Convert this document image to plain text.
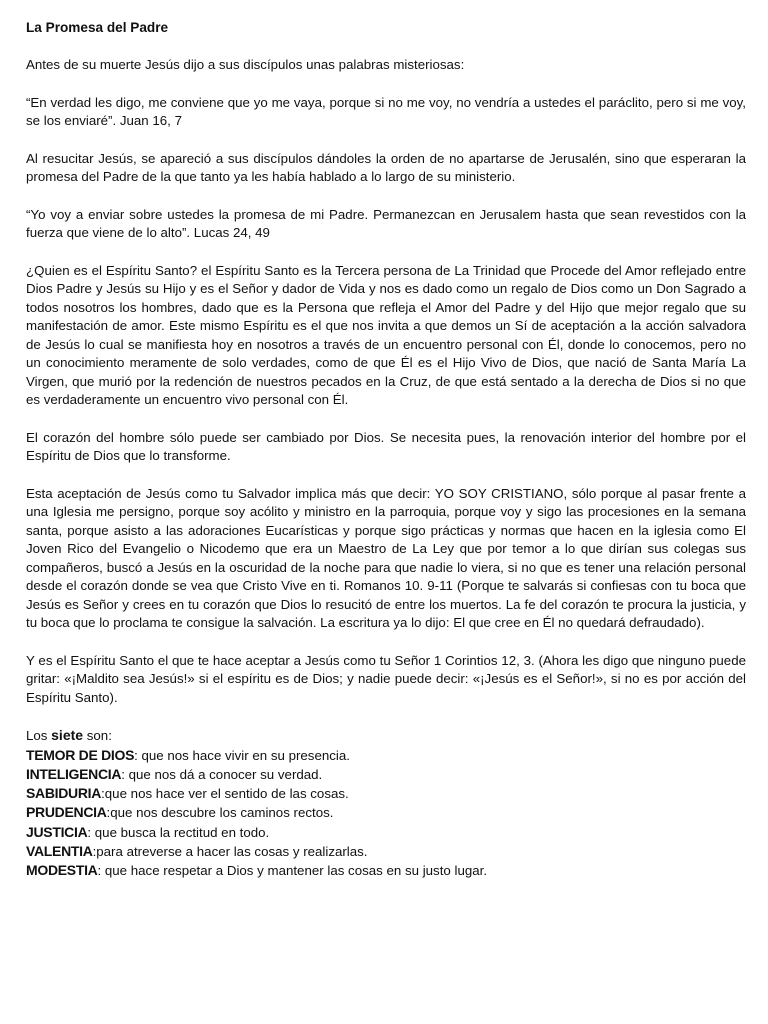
La Promesa del Padre

Antes de su muerte Jesús dijo a sus discípulos unas palabras misteriosas:

“En verdad les digo, me conviene que yo me vaya, porque si no me voy, no vendría a ustedes el paráclito, pero si me voy, se los enviaré”. Juan 16, 7

Al resucitar Jesús, se apareció a sus discípulos dándoles la orden de no apartarse de Jerusalén, sino que esperaran la promesa del Padre de la que tanto ya les había hablado a lo largo de su ministerio.

“Yo voy a enviar sobre ustedes la promesa de mi Padre. Permanezcan en Jerusalem hasta que sean revestidos con la fuerza que viene de lo alto”. Lucas 24, 49

¿Quien es el Espíritu Santo? el Espíritu Santo es la Tercera persona de La Trinidad que Procede del Amor reflejado entre Dios Padre y Jesús su Hijo y es el Señor y dador de Vida y nos es dado como un regalo de Dios como un Don Sagrado a todos nosotros los hombres, dado que es la Persona que refleja el Amor del Padre y del Hijo que mejor regalo que su manifestación de amor. Este mismo Espíritu es el que nos invita a que demos un Sí de aceptación a la acción salvadora de Jesús lo cual se manifiesta hoy en nosotros a través de un encuentro personal con Él, donde lo conocemos, pero no un conocimiento meramente de solo verdades, como de que Él es el Hijo Vivo de Dios, que nació de Santa María La Virgen, que murió por la redención de nuestros pecados en la Cruz, de que está sentado a la derecha de Dios si no que es verdaderamente un encuentro vivo personal con Él.

El corazón del hombre sólo puede ser cambiado por Dios. Se necesita pues, la renovación interior del hombre por el Espíritu de Dios que lo transforme.

Esta aceptación de Jesús como tu Salvador implica más que decir: YO SOY CRISTIANO, sólo porque al pasar frente a una Iglesia me persigno, porque soy acólito y ministro en la parroquia, porque voy y sigo las procesiones en la semana santa, porque asisto a las adoraciones Eucarísticas y porque sigo prácticas y normas que hacen en la iglesia como El Joven Rico del Evangelio o Nicodemo que era un Maestro de La Ley que por temor a lo que dirían sus colegas sus compañeros, buscó a Jesús en la oscuridad de la noche para que nadie lo viera, si no que es tener una relación personal desde el corazón donde se vea que Cristo Vive en ti. Romanos 10. 9-11 (Porque te salvarás si confiesas con tu boca que Jesús es Señor y crees en tu corazón que Dios lo resucitó de entre los muertos. La fe del corazón te procura la justicia, y tu boca que lo proclama te consigue la salvación. La escritura ya lo dijo: El que cree en Él no quedará defraudado).

Y es el Espíritu Santo el que te hace aceptar a Jesús como tu Señor 1 Corintios 12, 3. (Ahora les digo que ninguno puede gritar: «¡Maldito sea Jesús!» si el espíritu es de Dios; y nadie puede decir: «¡Jesús es el Señor!», si no es por acción del Espíritu Santo).

Los siete son:

TEMOR DE DIOS: que nos hace vivir en su presencia.

INTELIGENCIA: que nos dá a conocer su verdad.

SABIDURIA:que nos hace ver el sentido de las cosas.

PRUDENCIA:que nos descubre los caminos rectos.

JUSTICIA: que busca la rectitud en todo.

VALENTIA:para atreverse a hacer las cosas y realizarlas.

MODESTIA: que hace respetar a Dios y mantener las cosas en su justo lugar.
